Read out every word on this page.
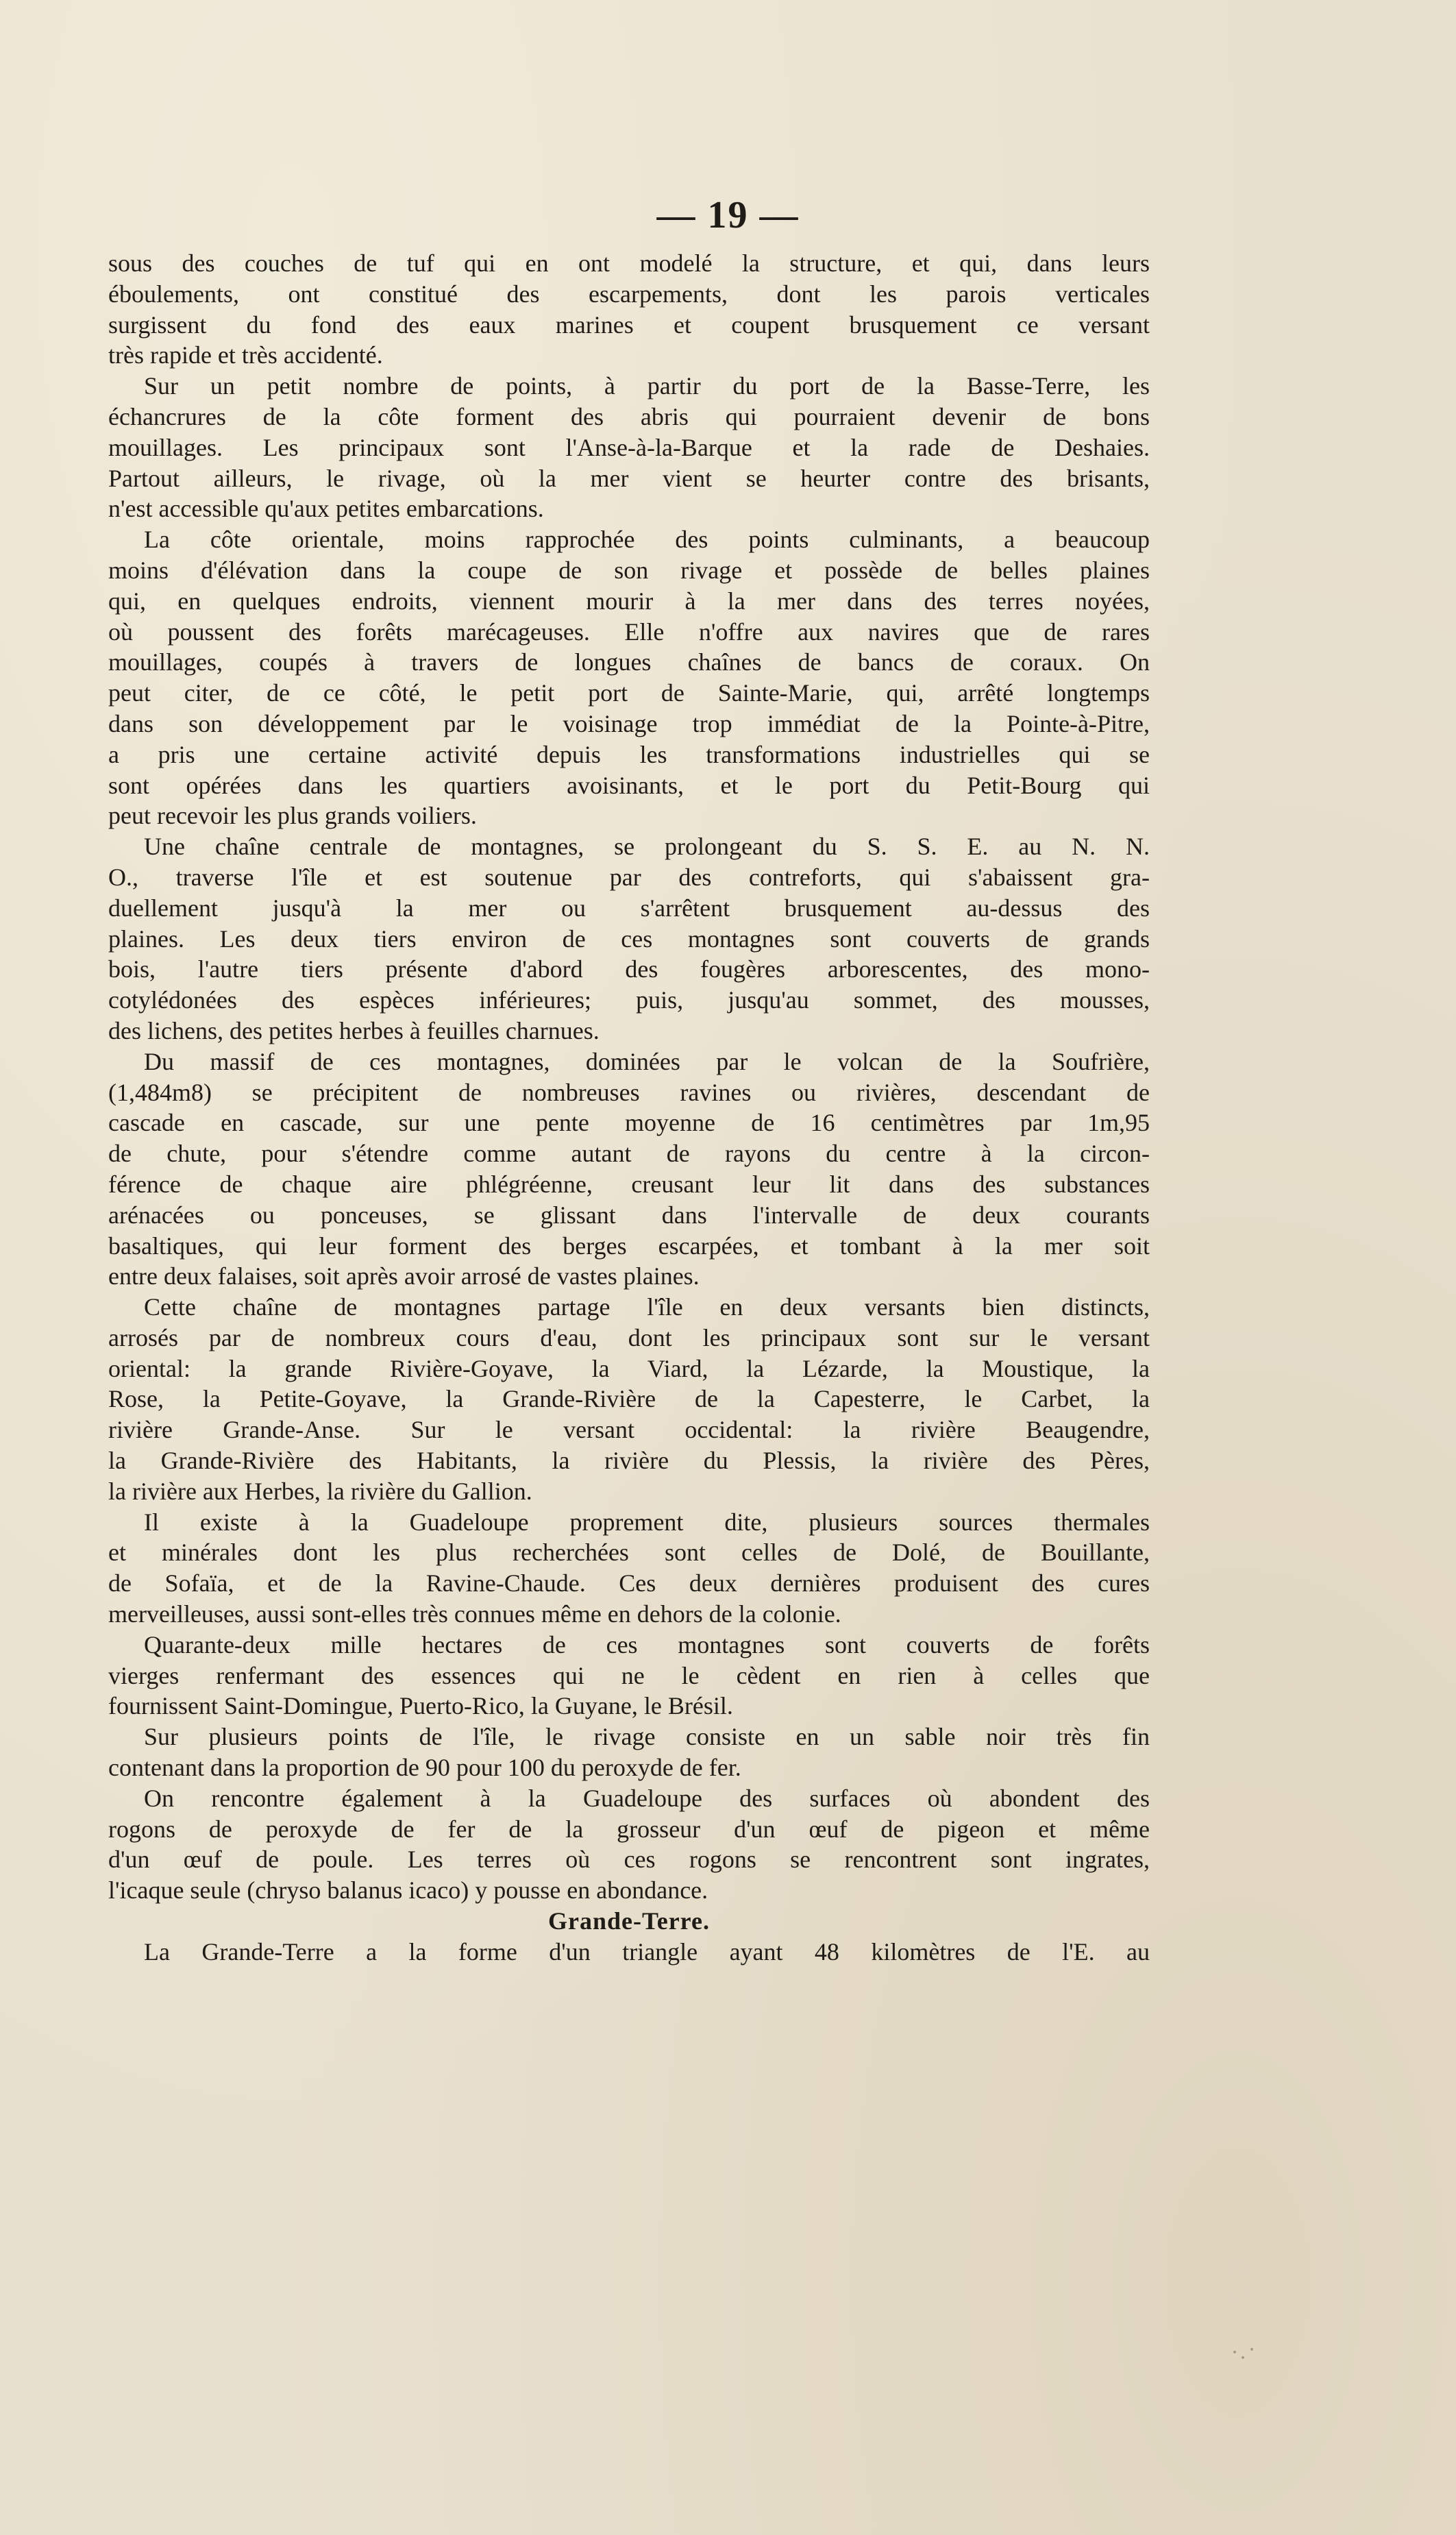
— 19 —
sous des couches de tuf qui en ont modelé la structure, et qui, dans leurs
éboulements, ont constitué des escarpements, dont les parois verticales
surgissent du fond des eaux marines et coupent brusquement ce versant
très rapide et très accidenté.
Sur un petit nombre de points, à partir du port de la Basse-Terre, les
échancrures de la côte forment des abris qui pourraient devenir de bons
mouillages. Les principaux sont l'Anse-à-la-Barque et la rade de Deshaies.
Partout ailleurs, le rivage, où la mer vient se heurter contre des brisants,
n'est accessible qu'aux petites embarcations.
La côte orientale, moins rapprochée des points culminants, a beaucoup
moins d'élévation dans la coupe de son rivage et possède de belles plaines
qui, en quelques endroits, viennent mourir à la mer dans des terres noyées,
où poussent des forêts marécageuses. Elle n'offre aux navires que de rares
mouillages, coupés à travers de longues chaînes de bancs de coraux. On
peut citer, de ce côté, le petit port de Sainte-Marie, qui, arrêté longtemps
dans son développement par le voisinage trop immédiat de la Pointe-à-Pitre,
a pris une certaine activité depuis les transformations industrielles qui se
sont opérées dans les quartiers avoisinants, et le port du Petit-Bourg qui
peut recevoir les plus grands voiliers.
Une chaîne centrale de montagnes, se prolongeant du S. S. E. au N. N.
O., traverse l'île et est soutenue par des contreforts, qui s'abaissent gra-
duellement jusqu'à la mer ou s'arrêtent brusquement au-dessus des
plaines. Les deux tiers environ de ces montagnes sont couverts de grands
bois, l'autre tiers présente d'abord des fougères arborescentes, des mono-
cotylédonées des espèces inférieures; puis, jusqu'au sommet, des mousses,
des lichens, des petites herbes à feuilles charnues.
Du massif de ces montagnes, dominées par le volcan de la Soufrière,
(1,484m8) se précipitent de nombreuses ravines ou rivières, descendant de
cascade en cascade, sur une pente moyenne de 16 centimètres par 1m,95
de chute, pour s'étendre comme autant de rayons du centre à la circon-
férence de chaque aire phlégréenne, creusant leur lit dans des substances
arénacées ou ponceuses, se glissant dans l'intervalle de deux courants
basaltiques, qui leur forment des berges escarpées, et tombant à la mer soit
entre deux falaises, soit après avoir arrosé de vastes plaines.
Cette chaîne de montagnes partage l'île en deux versants bien distincts,
arrosés par de nombreux cours d'eau, dont les principaux sont sur le versant
oriental: la grande Rivière-Goyave, la Viard, la Lézarde, la Moustique, la
Rose, la Petite-Goyave, la Grande-Rivière de la Capesterre, le Carbet, la
rivière Grande-Anse. Sur le versant occidental: la rivière Beaugendre,
la Grande-Rivière des Habitants, la rivière du Plessis, la rivière des Pères,
la rivière aux Herbes, la rivière du Gallion.
Il existe à la Guadeloupe proprement dite, plusieurs sources thermales
et minérales dont les plus recherchées sont celles de Dolé, de Bouillante,
de Sofaïa, et de la Ravine-Chaude. Ces deux dernières produisent des cures
merveilleuses, aussi sont-elles très connues même en dehors de la colonie.
Quarante-deux mille hectares de ces montagnes sont couverts de forêts
vierges renfermant des essences qui ne le cèdent en rien à celles que
fournissent Saint-Domingue, Puerto-Rico, la Guyane, le Brésil.
Sur plusieurs points de l'île, le rivage consiste en un sable noir très fin
contenant dans la proportion de 90 pour 100 du peroxyde de fer.
On rencontre également à la Guadeloupe des surfaces où abondent des
rogons de peroxyde de fer de la grosseur d'un œuf de pigeon et même
d'un œuf de poule. Les terres où ces rogons se rencontrent sont ingrates,
l'icaque seule (chryso balanus icaco) y pousse en abondance.
Grande-Terre.
La Grande-Terre a la forme d'un triangle ayant 48 kilomètres de l'E. au
